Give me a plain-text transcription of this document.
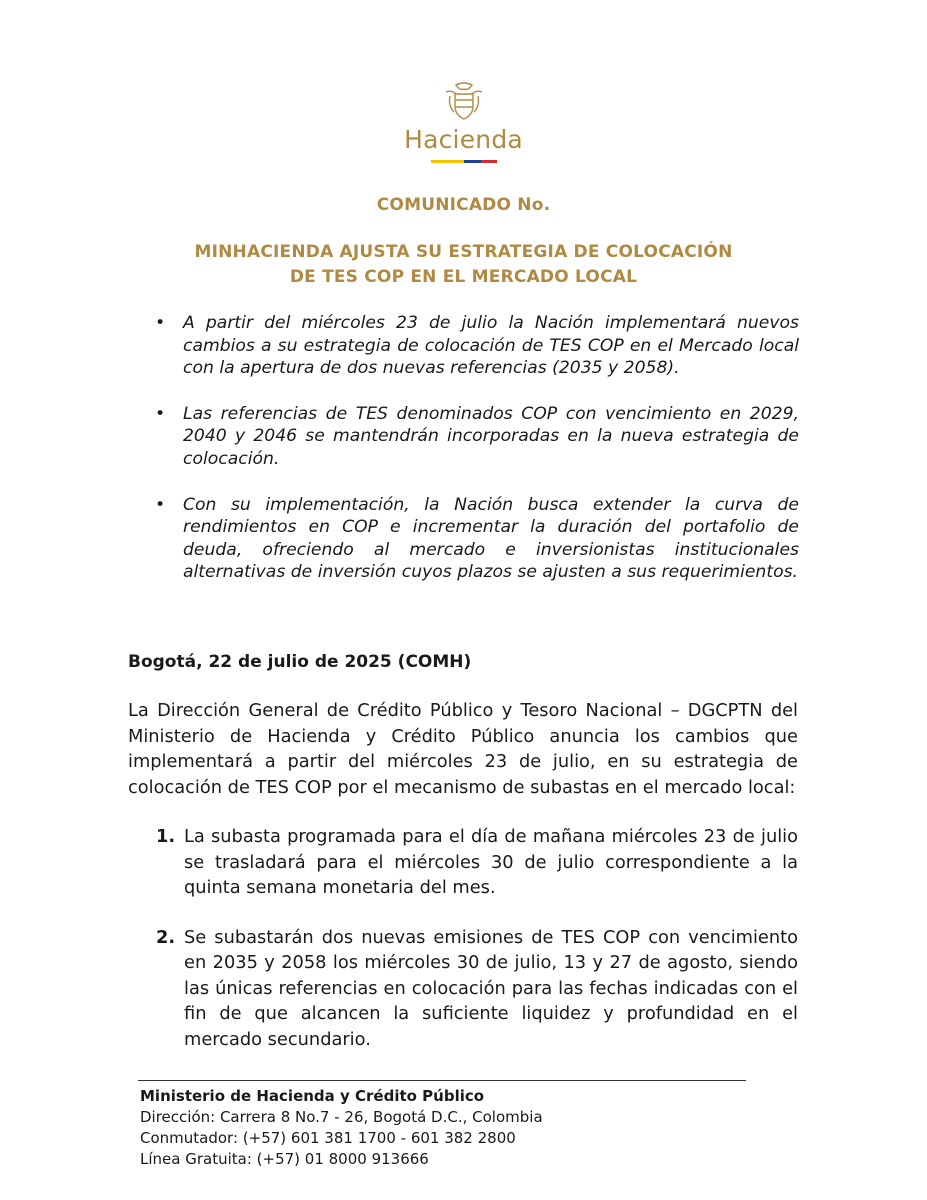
Hacienda
COMUNICADO No.
MINHACIENDA AJUSTA SU ESTRATEGIA DE COLOCACIÓN
DE TES COP EN EL MERCADO LOCAL
• A partir del miércoles 23 de julio la Nación implementará nuevos cambios a su estrategia de colocación de TES COP en el Mercado local con la apertura de dos nuevas referencias (2035 y 2058).
• Las referencias de TES denominados COP con vencimiento en 2029, 2040 y 2046 se mantendrán incorporadas en la nueva estrategia de colocación.
• Con su implementación, la Nación busca extender la curva de rendimientos en COP e incrementar la duración del portafolio de deuda, ofreciendo al mercado e inversionistas institucionales alternativas de inversión cuyos plazos se ajusten a sus requerimientos.
Bogotá, 22 de julio de 2025 (COMH)

La Dirección General de Crédito Público y Tesoro Nacional – DGCPTN del Ministerio de Hacienda y Crédito Público anuncia los cambios que implementará a partir del miércoles 23 de julio, en su estrategia de colocación de TES COP por el mecanismo de subastas en el mercado local:

1. La subasta programada para el día de mañana miércoles 23 de julio se trasladará para el miércoles 30 de julio correspondiente a la quinta semana monetaria del mes.
2. Se subastarán dos nuevas emisiones de TES COP con vencimiento en 2035 y 2058 los miércoles 30 de julio, 13 y 27 de agosto, siendo las únicas referencias en colocación para las fechas indicadas con el fin de que alcancen la suficiente liquidez y profundidad en el mercado secundario.
Ministerio de Hacienda y Crédito Público
Dirección: Carrera 8 No.7 - 26, Bogotá D.C., Colombia
Conmutador: (+57) 601 381 1700 - 601 382 2800
Línea Gratuita: (+57) 01 8000 913666
